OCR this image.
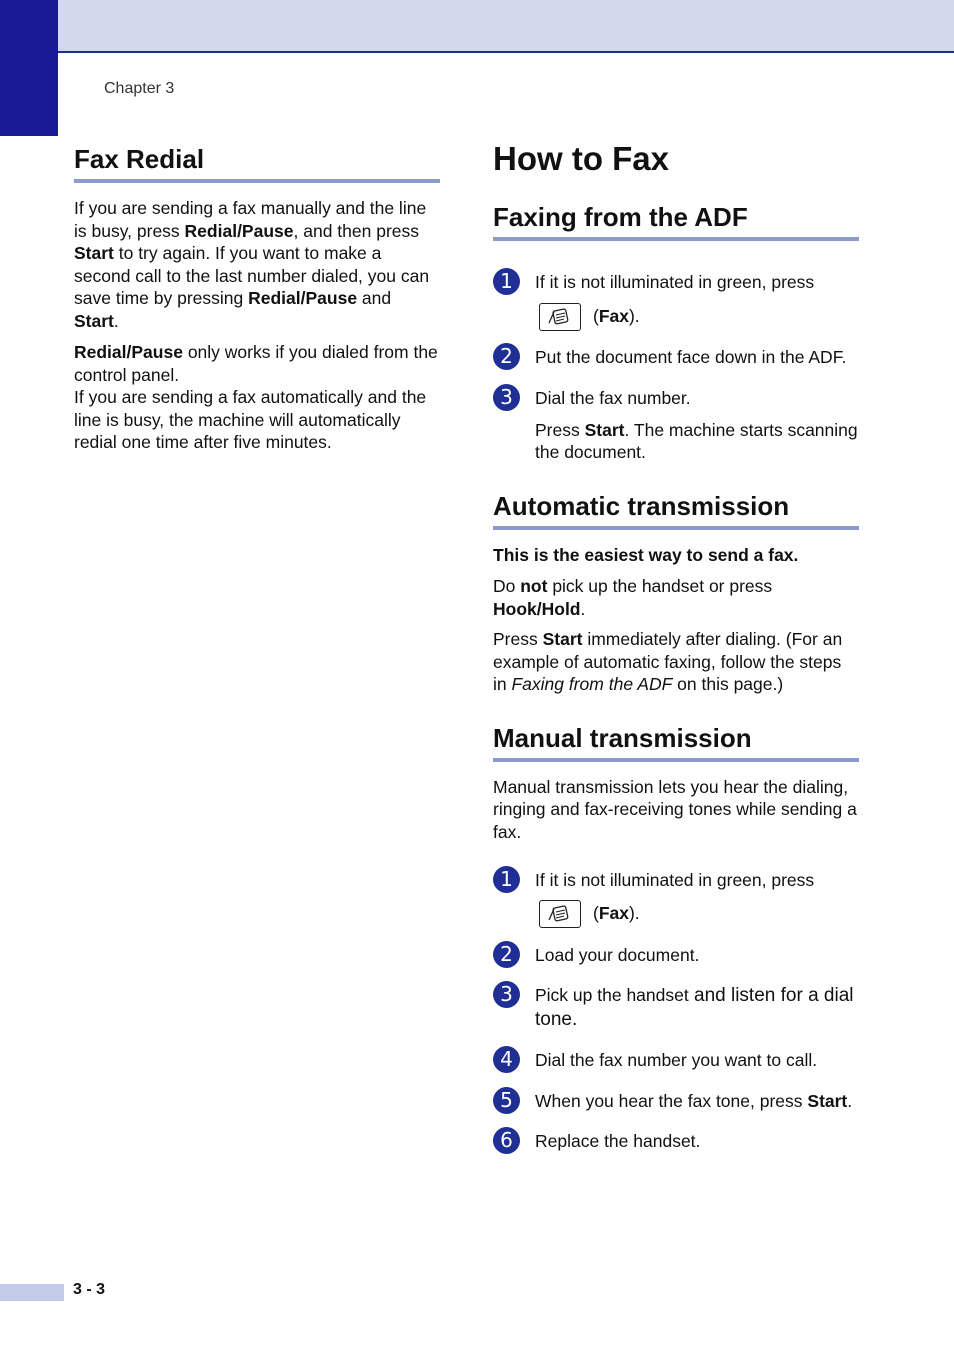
Chapter 3
Fax Redial

If you are sending a fax manually and the line is busy, press Redial/Pause, and then press Start to try again. If you want to make a second call to the last number dialed, you can save time by pressing Redial/Pause and Start.

Redial/Pause only works if you dialed from the control panel.

If you are sending a fax automatically and the line is busy, the machine will automatically redial one time after five minutes.

How to Fax
Faxing from the ADF
1	If it is not illuminated in green, press

(Fax).

2	Put the document face down in the ADF.

3	Dial the fax number.

Press Start. The machine starts scanning the document.

Automatic transmission

This is the easiest way to send a fax.

Do not pick up the handset or press Hook/Hold.

Press Start immediately after dialing. (For an example of automatic faxing, follow the steps in Faxing from the ADF on this page.)

Manual transmission

Manual transmission lets you hear the dialing, ringing and fax-receiving tones while sending a fax.

1	If it is not illuminated in green, press

(Fax).

2	Load your document.

3	Pick up the handset and listen for a dial tone.

4	Dial the fax number you want to call.

5	When you hear the fax tone, press Start.

6	Replace the handset.

3 - 3
